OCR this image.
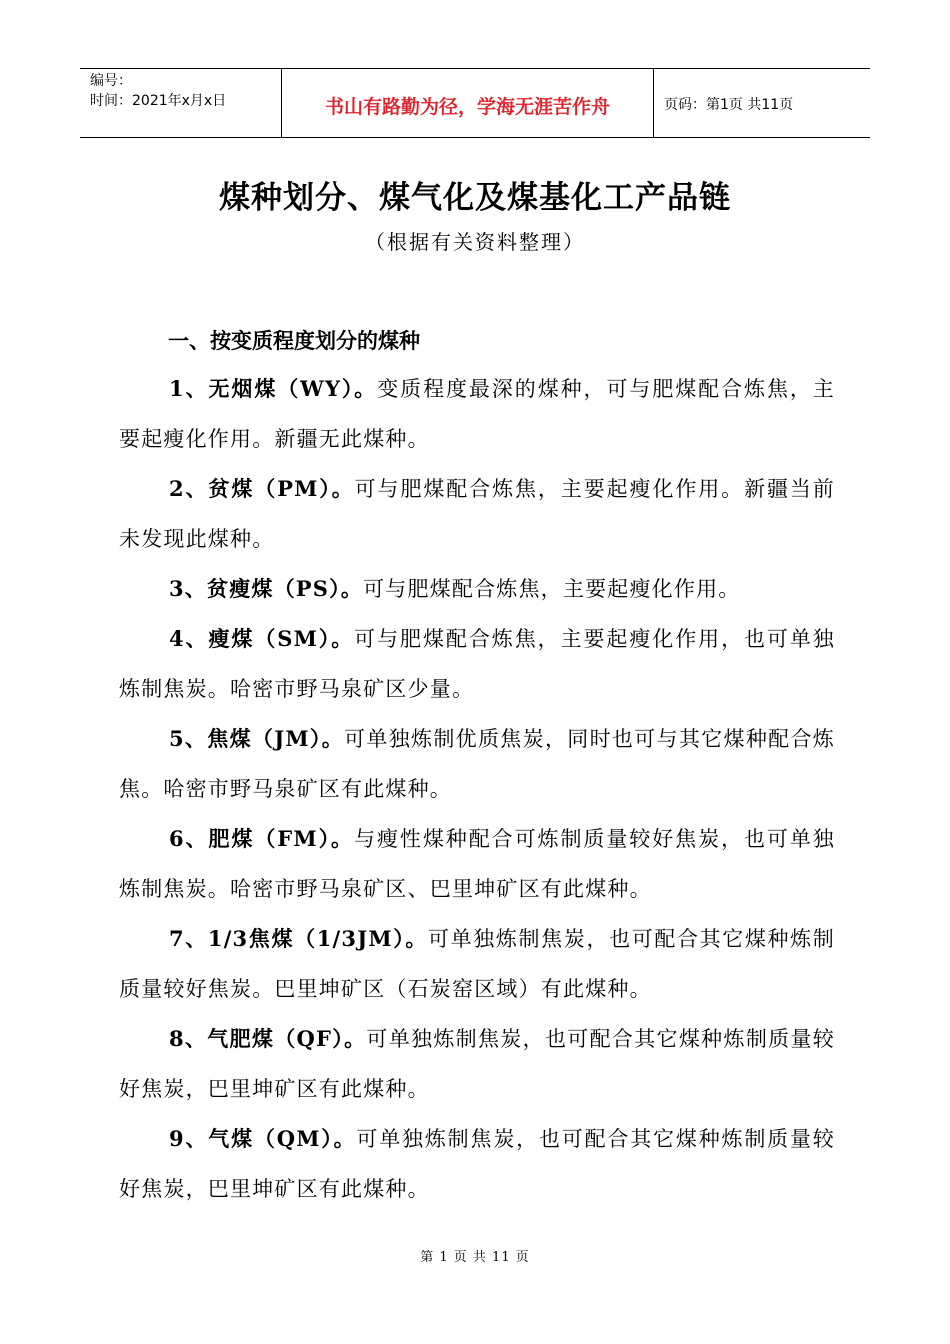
编号：
时间：2021年x月x日	书山有路勤为径，学海无涯苦作舟	页码：第1页 共11页
煤种划分、煤气化及煤基化工产品链
（根据有关资料整理）
一、按变质程度划分的煤种

1、无烟煤（WY）。变质程度最深的煤种，可与肥煤配合炼焦，主要起瘦化作用。新疆无此煤种。

2、贫煤（PM）。可与肥煤配合炼焦，主要起瘦化作用。新疆当前未发现此煤种。

3、贫瘦煤（PS）。可与肥煤配合炼焦，主要起瘦化作用。

4、瘦煤（SM）。可与肥煤配合炼焦，主要起瘦化作用，也可单独炼制焦炭。哈密市野马泉矿区少量。

5、焦煤（JM）。可单独炼制优质焦炭，同时也可与其它煤种配合炼焦。哈密市野马泉矿区有此煤种。

6、肥煤（FM）。与瘦性煤种配合可炼制质量较好焦炭，也可单独炼制焦炭。哈密市野马泉矿区、巴里坤矿区有此煤种。

7、1/3焦煤（1/3JM）。可单独炼制焦炭，也可配合其它煤种炼制质量较好焦炭。巴里坤矿区（石炭窑区域）有此煤种。

8、气肥煤（QF）。可单独炼制焦炭，也可配合其它煤种炼制质量较好焦炭，巴里坤矿区有此煤种。

9、气煤（QM）。可单独炼制焦炭，也可配合其它煤种炼制质量较好焦炭，巴里坤矿区有此煤种。

第 1 页 共 11 页
